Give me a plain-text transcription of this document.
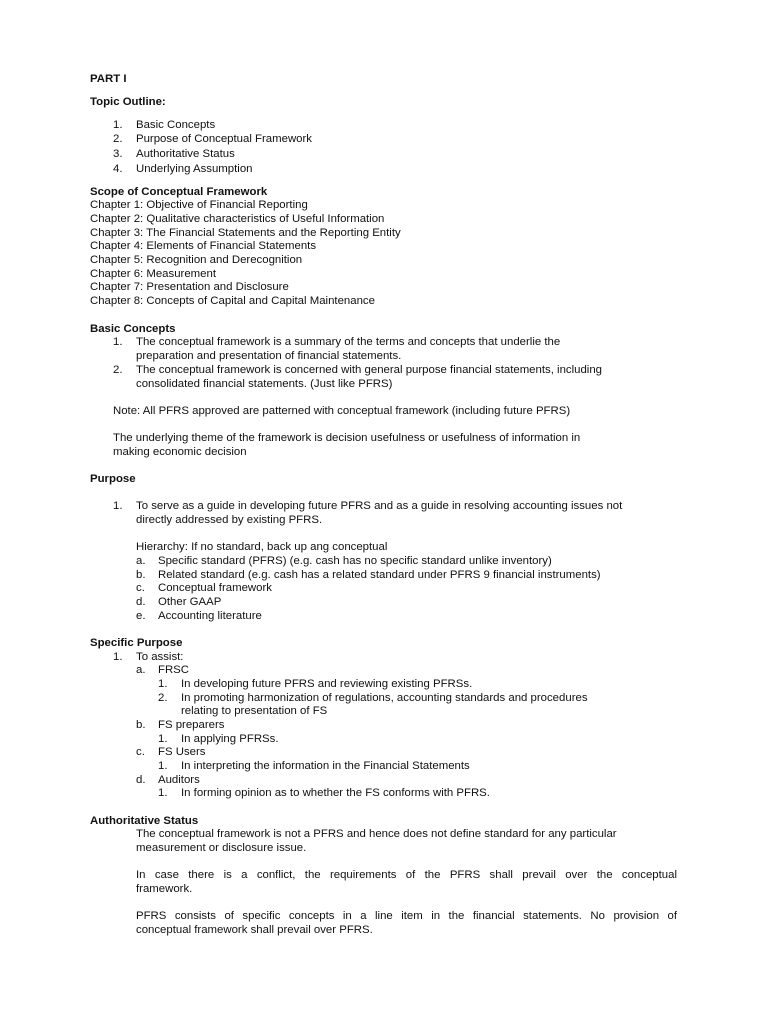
PART I
Topic Outline:
1. Basic Concepts
2. Purpose of Conceptual Framework
3. Authoritative Status
4. Underlying Assumption
Scope of Conceptual Framework
Chapter 1: Objective of Financial Reporting
Chapter 2: Qualitative characteristics of Useful Information
Chapter 3: The Financial Statements and the Reporting Entity
Chapter 4: Elements of Financial Statements
Chapter 5: Recognition and Derecognition
Chapter 6: Measurement
Chapter 7: Presentation and Disclosure
Chapter 8: Concepts of Capital and Capital Maintenance
Basic Concepts
1. The conceptual framework is a summary of the terms and concepts that underlie the
preparation and presentation of financial statements.
2. The conceptual framework is concerned with general purpose financial statements, including
consolidated financial statements. (Just like PFRS)
Note: All PFRS approved are patterned with conceptual framework (including future PFRS)
The underlying theme of the framework is decision usefulness or usefulness of information in
making economic decision
Purpose
1. To serve as a guide in developing future PFRS and as a guide in resolving accounting issues not
directly addressed by existing PFRS.
Hierarchy: If no standard, back up ang conceptual
a. Specific standard (PFRS) (e.g. cash has no specific standard unlike inventory)
b. Related standard (e.g. cash has a related standard under PFRS 9 financial instruments)
c. Conceptual framework
d. Other GAAP
e. Accounting literature
Specific Purpose
1. To assist:
a. FRSC
1. In developing future PFRS and reviewing existing PFRSs.
2. In promoting harmonization of regulations, accounting standards and procedures
relating to presentation of FS
b. FS preparers
1. In applying PFRSs.
c. FS Users
1. In interpreting the information in the Financial Statements
d. Auditors
1. In forming opinion as to whether the FS conforms with PFRS.
Authoritative Status
The conceptual framework is not a PFRS and hence does not define standard for any particular
measurement or disclosure issue.
In case there is a conflict, the requirements of the PFRS shall prevail over the conceptual
framework.
PFRS consists of specific concepts in a line item in the financial statements. No provision of
conceptual framework shall prevail over PFRS.
